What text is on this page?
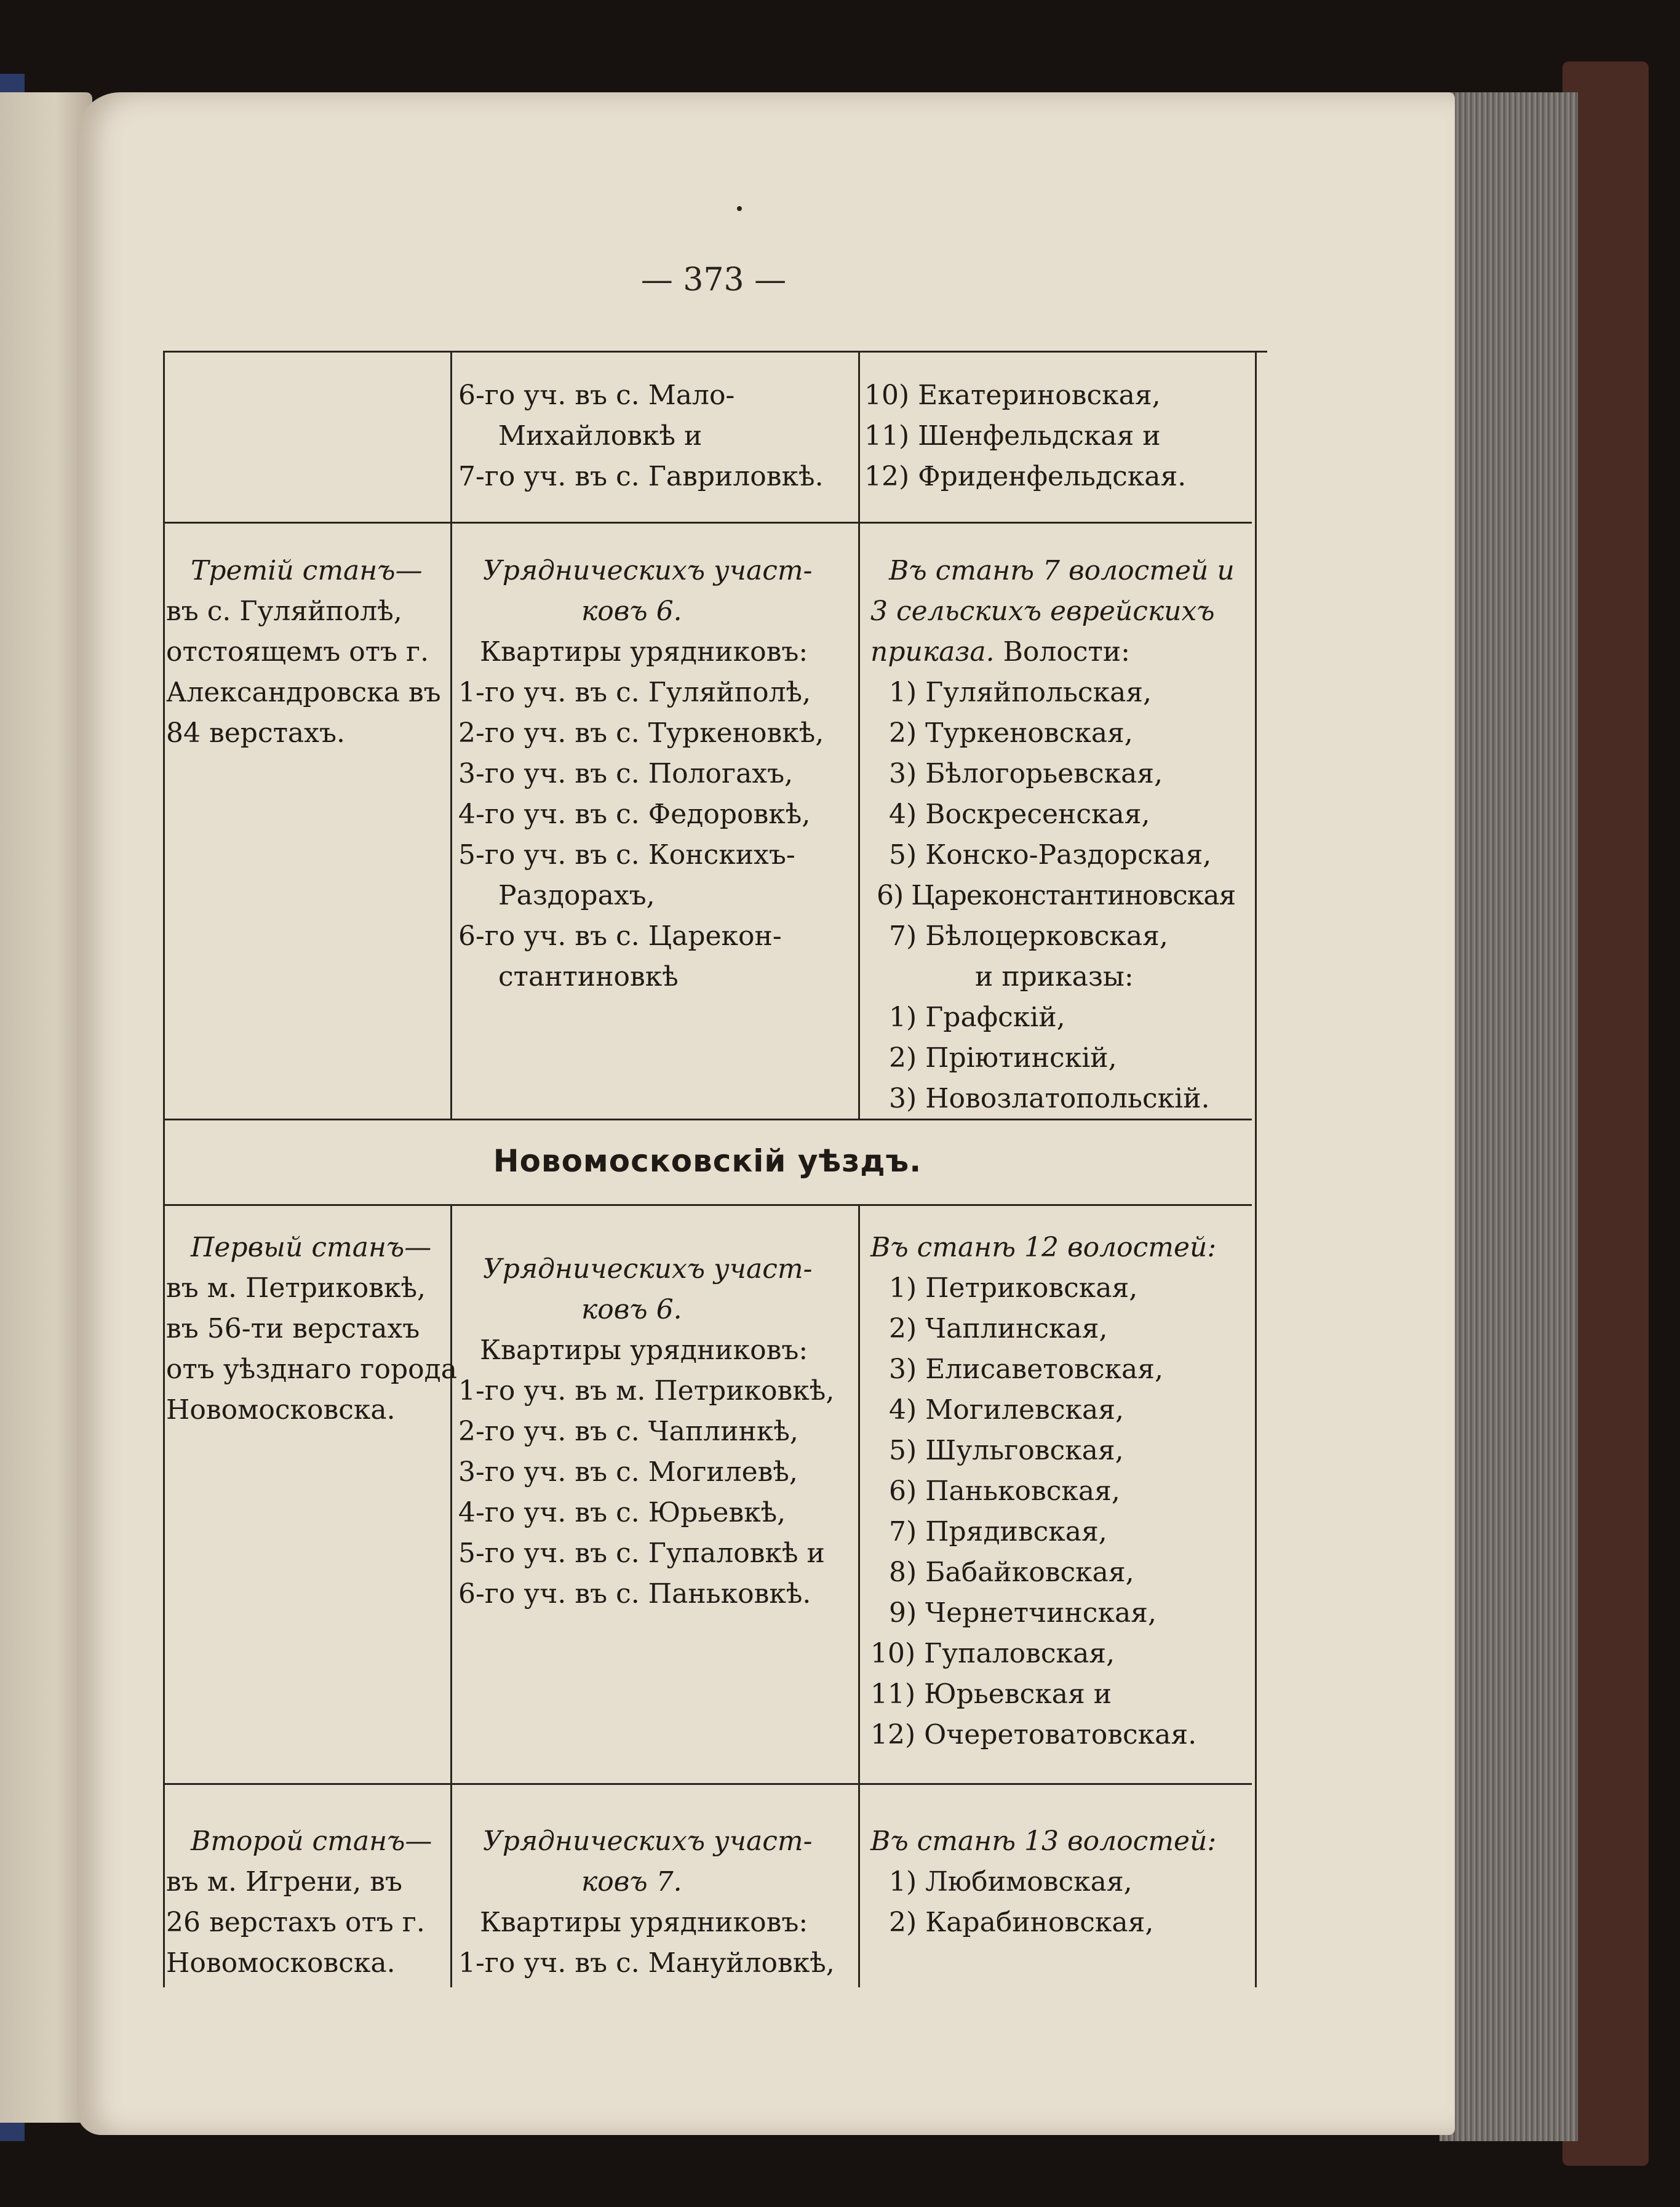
— 373 —
6-го уч. въ с. Мало-
Михайловкѣ и
7-го уч. въ с. Гавриловкѣ.
10) Екатериновская,
11) Шенфельдская и
12) Фриденфельдская.
Третій станъ—
въ с. Гуляйполѣ,
отстоящемъ отъ г.
Александровска въ
84 верстахъ.
Урядническихъ участ-
ковъ 6.
Квартиры урядниковъ:
1-го уч. въ с. Гуляйполѣ,
2-го уч. въ с. Туркеновкѣ,
3-го уч. въ с. Пологахъ,
4-го уч. въ с. Федоровкѣ,
5-го уч. въ с. Конскихъ-
Раздорахъ,
6-го уч. въ с. Царекон-
стантиновкѣ
Въ станѣ 7 волостей и
3 сельскихъ еврейскихъ
приказа. Волости:
1) Гуляйпольская,
2) Туркеновская,
3) Бѣлогорьевская,
4) Воскресенская,
5) Конско-Раздорская,
6) Цареконстантиновская
7) Бѣлоцерковская,
и приказы:
1) Графскій,
2) Пріютинскій,
3) Новозлатопольскій.
Новомосковскій уѣздъ.
Первый станъ—
въ м. Петриковкѣ,
въ 56-ти верстахъ
отъ уѣзднаго города
Новомосковска.
Урядническихъ участ-
ковъ 6.
Квартиры урядниковъ:
1-го уч. въ м. Петриковкѣ,
2-го уч. въ с. Чаплинкѣ,
3-го уч. въ с. Могилевѣ,
4-го уч. въ с. Юрьевкѣ,
5-го уч. въ с. Гупаловкѣ и
6-го уч. въ с. Паньковкѣ.
Въ станѣ 12 волостей:
1) Петриковская,
2) Чаплинская,
3) Елисаветовская,
4) Могилевская,
5) Шульговская,
6) Паньковская,
7) Прядивская,
8) Бабайковская,
9) Чернетчинская,
10) Гупаловская,
11) Юрьевская и
12) Очеретоватовская.
Второй станъ—
въ м. Игрени, въ
26 верстахъ отъ г.
Новомосковска.
Урядническихъ участ-
ковъ 7.
Квартиры урядниковъ:
1-го уч. въ с. Мануйловкѣ,
Въ станѣ 13 волостей:
1) Любимовская,
2) Карабиновская,
